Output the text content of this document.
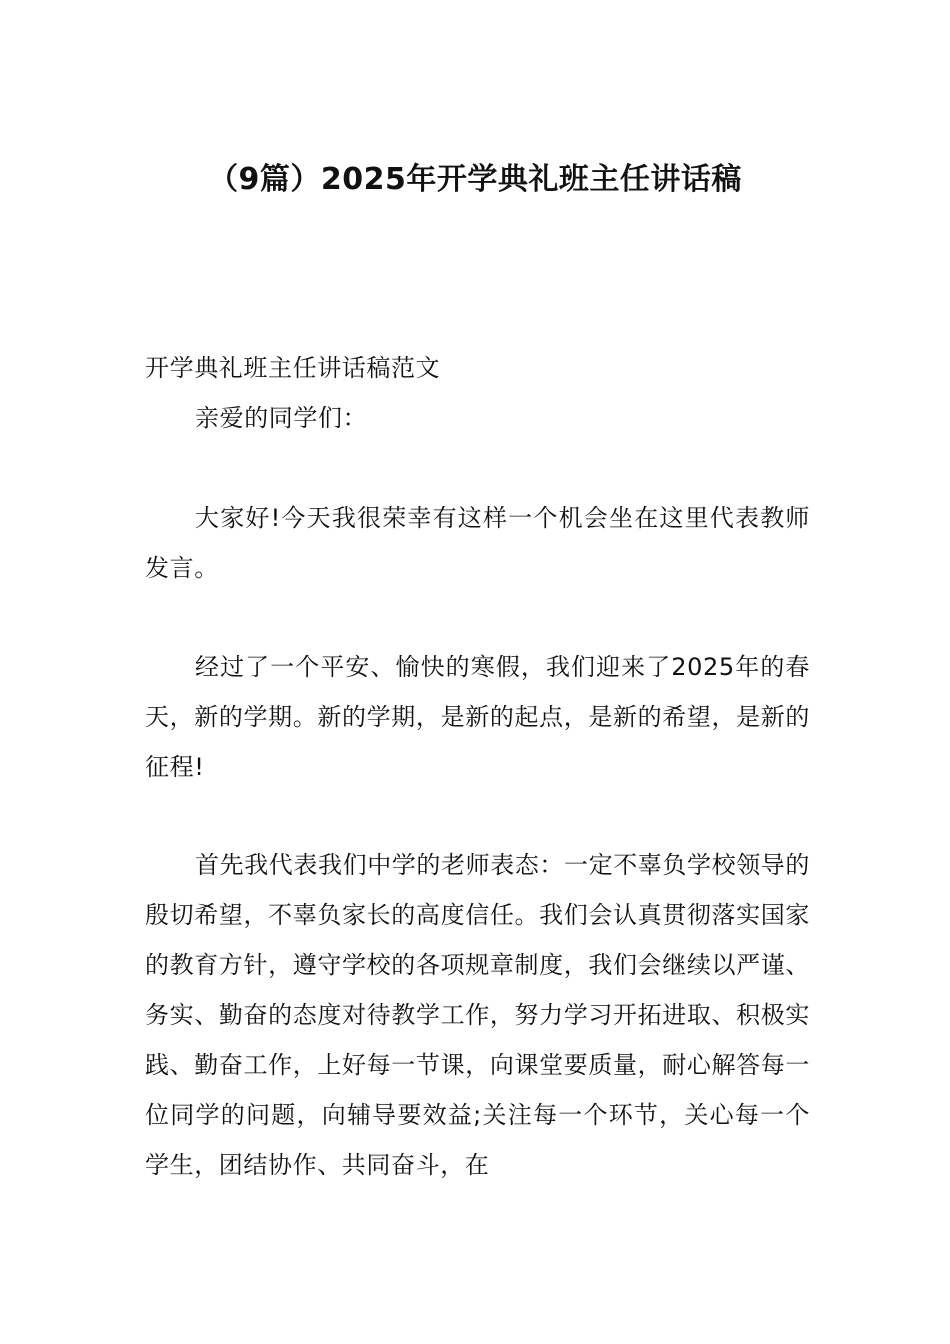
（9篇）2025年开学典礼班主任讲话稿
开学典礼班主任讲话稿范文
亲爱的同学们：
大家好!今天我很荣幸有这样一个机会坐在这里代表教师发言。
经过了一个平安、愉快的寒假，我们迎来了2025年的春天，新的学期。新的学期，是新的起点，是新的希望，是新的征程!
首先我代表我们中学的老师表态：一定不辜负学校领导的殷切希望，不辜负家长的高度信任。我们会认真贯彻落实国家的教育方针，遵守学校的各项规章制度，我们会继续以严谨、务实、勤奋的态度对待教学工作，努力学习开拓进取、积极实践、勤奋工作，上好每一节课，向课堂要质量，耐心解答每一位同学的问题，向辅导要效益;关注每一个环节，关心每一个学生，团结协作、共同奋斗，在
